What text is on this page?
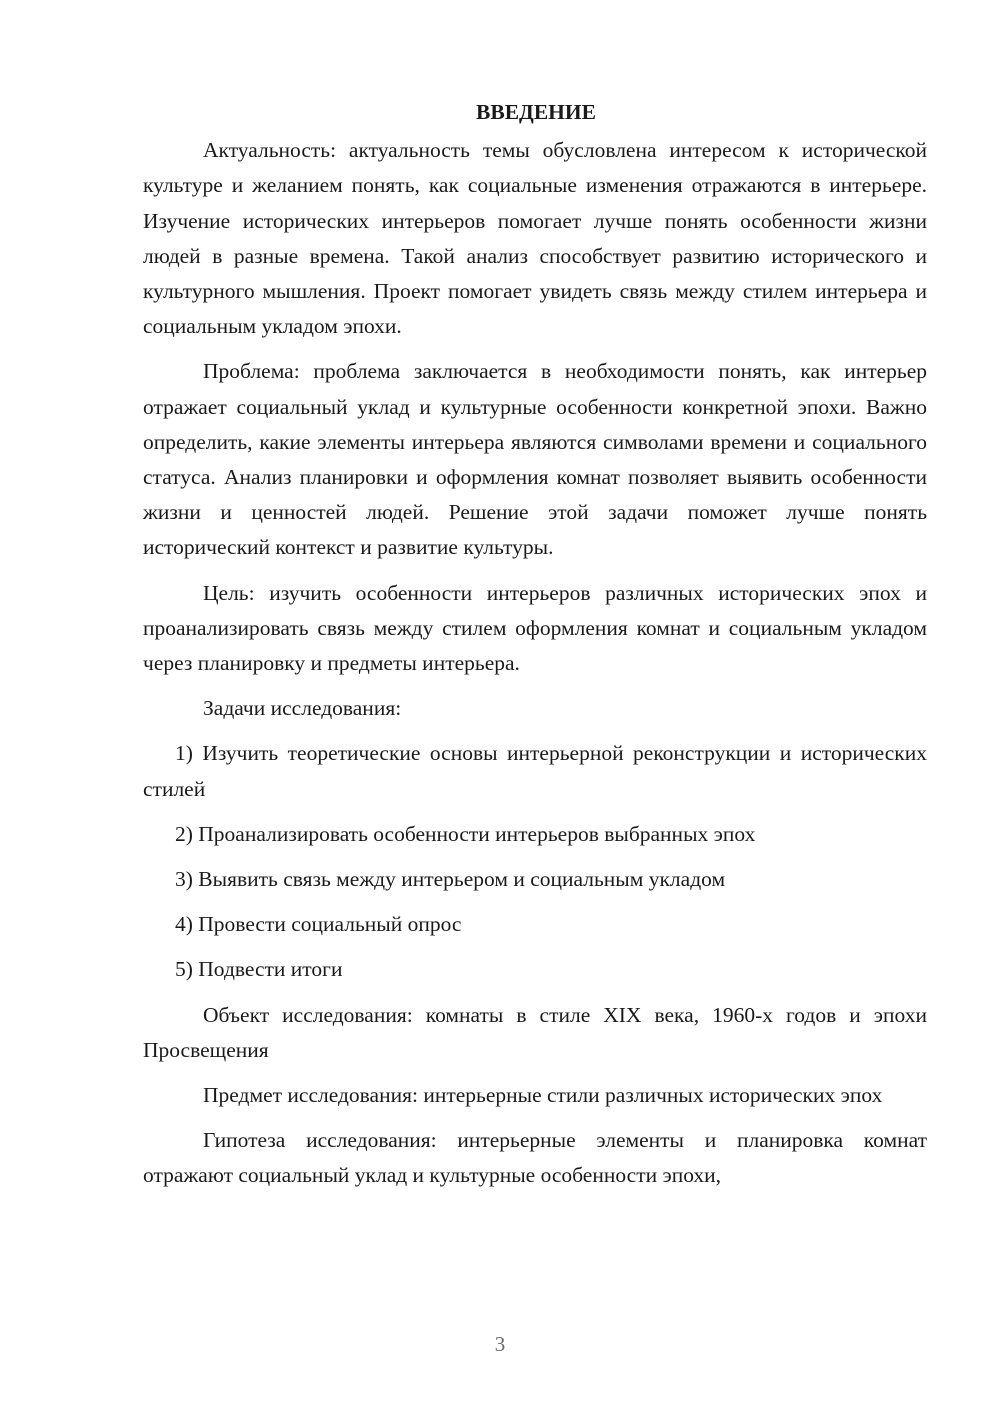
ВВЕДЕНИЕ

Актуальность: актуальность темы обусловлена интересом к исторической культуре и желанием понять, как социальные изменения отражаются в интерьере. Изучение исторических интерьеров помогает лучше понять особенности жизни людей в разные времена. Такой анализ способствует развитию исторического и культурного мышления. Проект помогает увидеть связь между стилем интерьера и социальным укладом эпохи.

Проблема: проблема заключается в необходимости понять, как интерьер отражает социальный уклад и культурные особенности конкретной эпохи. Важно определить, какие элементы интерьера являются символами времени и социального статуса. Анализ планировки и оформления комнат позволяет выявить особенности жизни и ценностей людей. Решение этой задачи поможет лучше понять исторический контекст и развитие культуры.

Цель: изучить особенности интерьеров различных исторических эпох и проанализировать связь между стилем оформления комнат и социальным укладом через планировку и предметы интерьера.

Задачи исследования:

1) Изучить теоретические основы интерьерной реконструкции и исторических стилей

2) Проанализировать особенности интерьеров выбранных эпох

3) Выявить связь между интерьером и социальным укладом

4) Провести социальный опрос

5) Подвести итоги

Объект исследования: комнаты в стиле XIX века, 1960-х годов и эпохи Просвещения

Предмет исследования: интерьерные стили различных исторических эпох

Гипотеза исследования: интерьерные элементы и планировка комнат отражают социальный уклад и культурные особенности эпохи,

3
